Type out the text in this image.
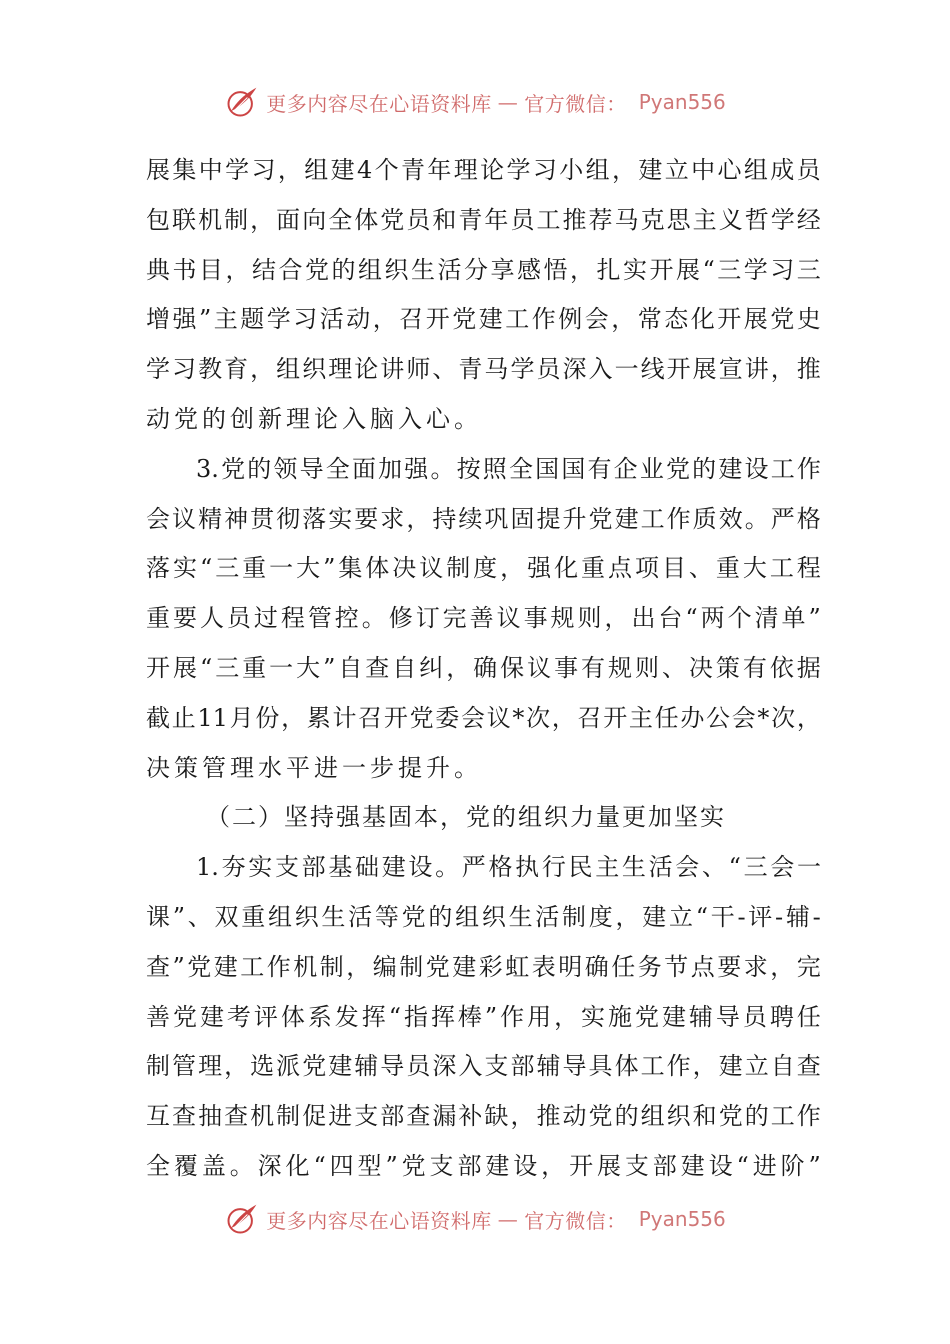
更多内容尽在心语资料库 — 官方微信： Pyan556
展 集 中 学 习 ， 组 建 4 个 青 年 理 论 学 习 小 组 ， 建 立 中 心 组 成 员
包 联 机 制 ， 面 向 全 体 党 员 和 青 年 员 工 推 荐 马 克 思 主 义 哲 学 经
典 书 目 ， 结 合 党 的 组 织 生 活 分 享 感 悟 ， 扎 实 开 展 “ 三 学 习 三
增 强 ” 主 题 学 习 活 动 ， 召 开 党 建 工 作 例 会 ， 常 态 化 开 展 党 史
学 习 教 育 ， 组 织 理 论 讲 师 、 青 马 学 员 深 入 一 线 开 展 宣 讲 ， 推
动 党 的 创 新 理 论 入 脑 入 心 。
3. 党 的 领 导 全 面 加 强 。 按 照 全 国 国 有 企 业 党 的 建 设 工 作
会 议 精 神 贯 彻 落 实 要 求 ， 持 续 巩 固 提 升 党 建 工 作 质 效 。 严 格
落 实 “ 三 重 一 大 ” 集 体 决 议 制 度 ， 强 化 重 点 项 目 、 重 大 工 程
重 要 人 员 过 程 管 控 。 修 订 完 善 议 事 规 则 ， 出 台 “ 两 个 清 单 ”
开 展 “ 三 重 一 大 ” 自 查 自 纠 ， 确 保 议 事 有 规 则 、 决 策 有 依 据
截 止 11 月 份 ， 累 计 召 开 党 委 会 议 * 次 ， 召 开 主 任 办 公 会 * 次 ，
决 策 管 理 水 平 进 一 步 提 升 。
（ 二 ） 坚 持 强 基 固 本 ， 党 的 组 织 力 量 更 加 坚 实
1. 夯 实 支 部 基 础 建 设 。 严 格 执 行 民 主 生 活 会 、 “ 三 会 一
课 ” 、 双 重 组 织 生 活 等 党 的 组 织 生 活 制 度 ， 建 立 “ 干 - 评 - 辅 -
查 ” 党 建 工 作 机 制 ， 编 制 党 建 彩 虹 表 明 确 任 务 节 点 要 求 ， 完
善 党 建 考 评 体 系 发 挥 “ 指 挥 棒 ” 作 用 ， 实 施 党 建 辅 导 员 聘 任
制 管 理 ， 选 派 党 建 辅 导 员 深 入 支 部 辅 导 具 体 工 作 ， 建 立 自 查
互 查 抽 查 机 制 促 进 支 部 查 漏 补 缺 ， 推 动 党 的 组 织 和 党 的 工 作
全 覆 盖 。 深 化 “ 四 型 ” 党 支 部 建 设 ， 开 展 支 部 建 设 “ 进 阶 ”
更多内容尽在心语资料库 — 官方微信： Pyan556
